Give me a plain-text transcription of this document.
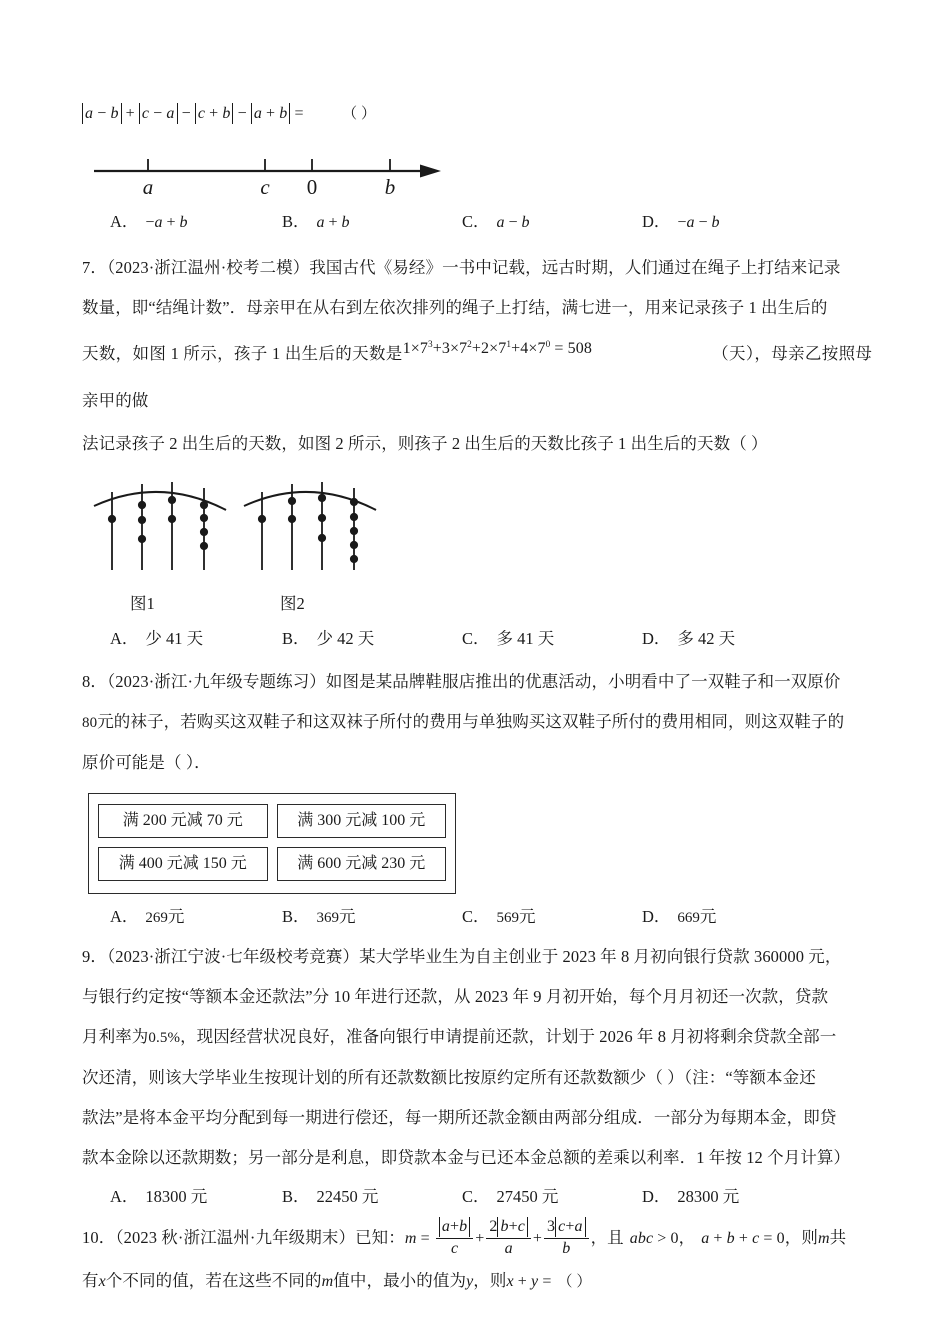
a − b + c − a − c + b − a + b =	（ ）
a	c 0	b
A． −a + b	B． a + b	C． a − b	D． −a − b
7．（2023·浙江温州·校考二模）我国古代《易经》一书中记载，远古时期，人们通过在绳子上打结来记录
数量，即“结绳计数”．母亲甲在从右到左依次排列的绳子上打结，满七进一，用来记录孩子 1 出生后的
天数，如图 1 所示，孩子 1 出生后的天数是$1\times 7^3+3\times 7^2+2\times 7^1+4\times 7^0 = 508$	（天），母亲乙按照母亲甲的做
法记录孩子 2 出生后的天数，如图 2 所示，则孩子 2 出生后的天数比孩子 1 出生后的天数（ ）
图1	图2
A． 少 41 天	B． 少 42 天	C． 多 41 天	D． 多 42 天
8．（2023·浙江·九年级专题练习）如图是某品牌鞋服店推出的优惠活动，小明看中了一双鞋子和一双原价
80元的袜子，若购买这双鞋子和这双袜子所付的费用与单独购买这双鞋子所付的费用相同，则这双鞋子的
原价可能是（ ）．
满 200 元减 70 元	满 300 元减 100 元
满 400 元减 150 元	满 600 元减 230 元
A． 269 元	B． 369 元	C． 569 元	D． 669 元
9．（2023·浙江宁波·七年级校考竞赛）某大学毕业生为自主创业于 2023 年 8 月初向银行贷款 360000 元，
与银行约定按“等额本金还款法”分 10 年进行还款，从 2023 年 9 月初开始，每个月月初还一次款，贷款
月利率为0.5%，现因经营状况良好，准备向银行申请提前还款，计划于 2026 年 8 月初将剩余贷款全部一
次还清，则该大学毕业生按现计划的所有还款数额比按原约定所有还款数额少（ ）（注：“等额本金还
款法”是将本金平均分配到每一期进行偿还，每一期所还款金额由两部分组成．一部分为每期本金，即贷
款本金除以还款期数；另一部分是利息，即贷款本金与已还本金总额的差乘以利率．1 年按 12 个月计算）
A． 18300 元	B． 22450 元	C． 27450 元	D． 28300 元
10．（2023 秋·浙江温州·九年级期末）已知：$m = \frac{a+b}{c} + \frac{2 b+c}{a} + \frac{3 c+a}{b}$ ，且 abc > 0， a + b + c = 0，则m共
有x个不同的值，若在这些不同的m值中，最小的值为y，则x + y = （ ）
